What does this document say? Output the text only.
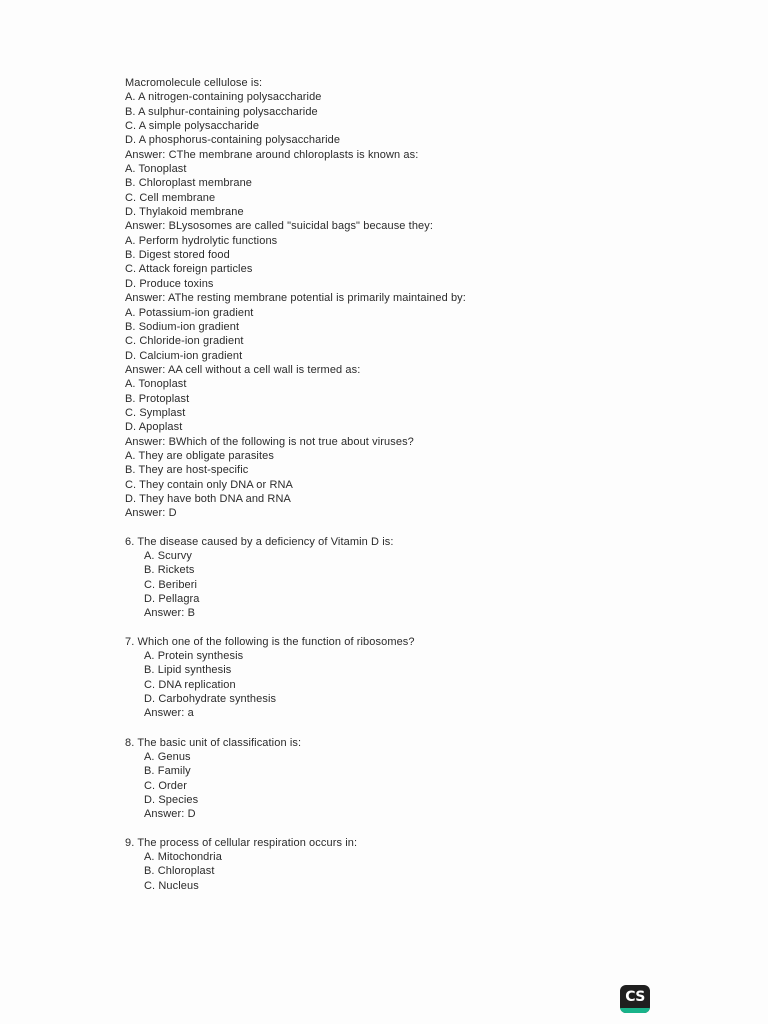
Macromolecule cellulose is:
A. A nitrogen-containing polysaccharide
B. A sulphur-containing polysaccharide
C. A simple polysaccharide
D. A phosphorus-containing polysaccharide
Answer: CThe membrane around chloroplasts is known as:
A. Tonoplast
B. Chloroplast membrane
C. Cell membrane
D. Thylakoid membrane
Answer: BLysosomes are called "suicidal bags" because they:
A. Perform hydrolytic functions
B. Digest stored food
C. Attack foreign particles
D. Produce toxins
Answer: AThe resting membrane potential is primarily maintained by:
A. Potassium-ion gradient
B. Sodium-ion gradient
C. Chloride-ion gradient
D. Calcium-ion gradient
Answer: AA cell without a cell wall is termed as:
A. Tonoplast
B. Protoplast
C. Symplast
D. Apoplast
Answer: BWhich of the following is not true about viruses?
A. They are obligate parasites
B. They are host-specific
C. They contain only DNA or RNA
D. They have both DNA and RNA
Answer: D
6. The disease caused by a deficiency of Vitamin D is:
A. Scurvy
B. Rickets
C. Beriberi
D. Pellagra
Answer: B
7. Which one of the following is the function of ribosomes?
A. Protein synthesis
B. Lipid synthesis
C. DNA replication
D. Carbohydrate synthesis
Answer: a
8. The basic unit of classification is:
A. Genus
B. Family
C. Order
D. Species
Answer: D
9. The process of cellular respiration occurs in:
A. Mitochondria
B. Chloroplast
C. Nucleus
CS
